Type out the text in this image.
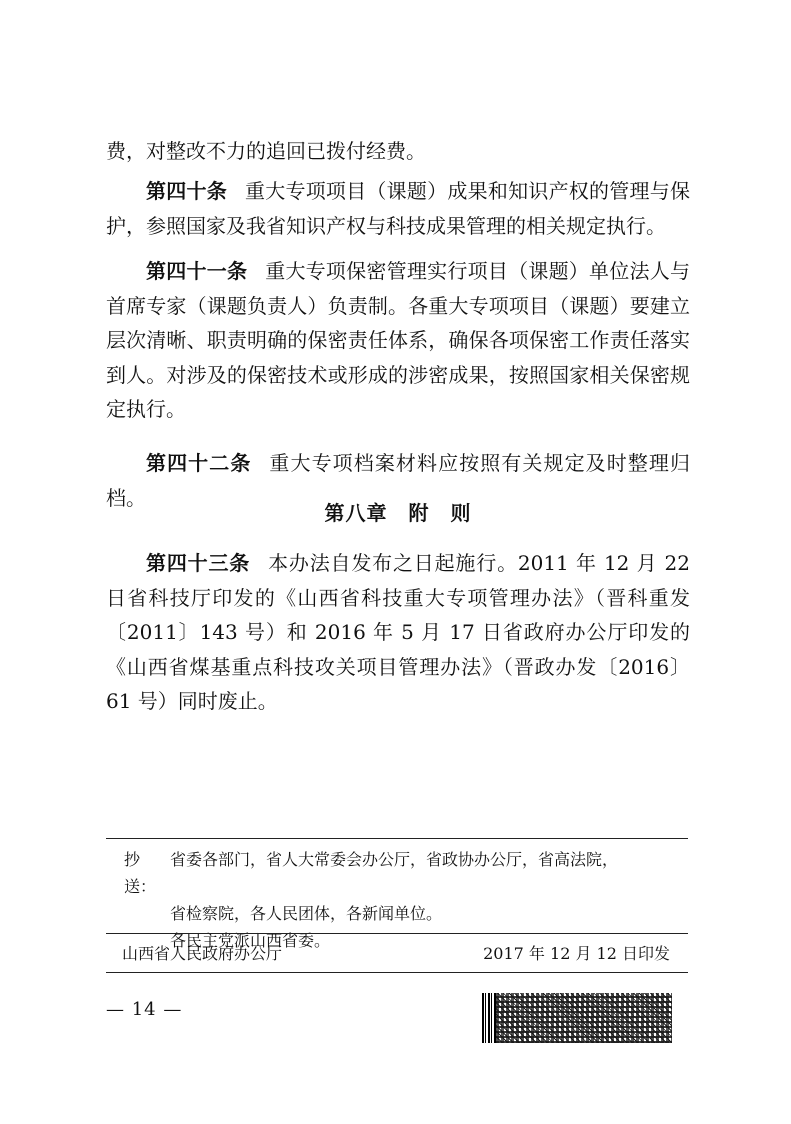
费，对整改不力的追回已拨付经费。

第四十条 重大专项项目（课题）成果和知识产权的管理与保护，参照国家及我省知识产权与科技成果管理的相关规定执行。

第四十一条 重大专项保密管理实行项目（课题）单位法人与首席专家（课题负责人）负责制。各重大专项项目（课题）要建立层次清晰、职责明确的保密责任体系，确保各项保密工作责任落实到人。对涉及的保密技术或形成的涉密成果，按照国家相关保密规定执行。

第四十二条 重大专项档案材料应按照有关规定及时整理归档。

第八章　附　则

第四十三条 本办法自发布之日起施行。2011 年 12 月 22 日省科技厅印发的《山西省科技重大专项管理办法》（晋科重发〔2011〕143 号）和 2016 年 5 月 17 日省政府办公厅印发的《山西省煤基重点科技攻关项目管理办法》（晋政办发〔2016〕61 号）同时废止。

抄送：
省委各部门，省人大常委会办公厅，省政协办公厅，省高法院，
省检察院，各人民团体，各新闻单位。
各民主党派山西省委。
山西省人民政府办公厅	2017 年 12 月 12 日印发
— 14 —
